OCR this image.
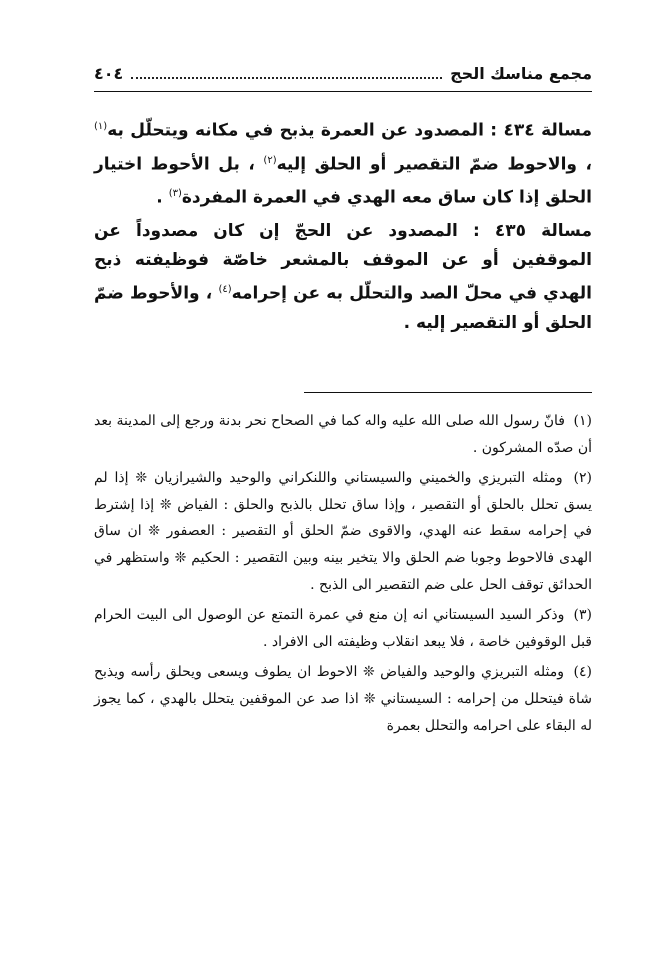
مجمع مناسك الحج
٤٠٤

مسالة ٤٣٤ : المصدود عن العمرة يذبح في مكانه ويتحلّل به$^{(١)}$ ، والاحوط ضمّ التقصير أو الحلق إليه$^{(٢)}$ ، بل الأحوط اختيار الحلق إذا كان ساق معه الهدي في العمرة المفردة$^{(٣)}$ .

مسالة ٤٣٥ : المصدود عن الحجّ إن كان مصدوداً عن الموقفين أو عن الموقف بالمشعر خاصّة فوظيفته ذبح الهدي في محلّ الصد والتحلّل به عن إحرامه$^{(٤)}$ ، والأحوط ضمّ الحلق أو التقصير إليه .

(١) فانّ رسول الله صلى الله عليه واله كما في الصحاح نحر بدنة ورجع إلى المدينة بعد أن صدّه المشركون .

(٢) ومثله التبريزي والخميني والسيستاني واللنكراني والوحيد والشيرازيان ❊ إذا لم يسق تحلل بالحلق أو التقصير ، وإذا ساق تحلل بالذبح والحلق : الفياض ❊ إذا إشترط في إحرامه سقط عنه الهدي، والاقوى ضمّ الحلق أو التقصير : العصفور ❊ ان ساق الهدى فالاحوط وجوبا ضم الحلق والا يتخير بينه وبين التقصير : الحكيم ❊ واستظهر في الحدائق توقف الحل على ضم التقصير الى الذبح .

(٣) وذكر السيد السيستاني انه إن منع في عمرة التمتع عن الوصول الى البيت الحرام قبل الوقوفين خاصة ، فلا يبعد انقلاب وظيفته الى الافراد .

(٤) ومثله التبريزي والوحيد والفياض ❊ الاحوط ان يطوف ويسعى ويحلق رأسه ويذبح شاة فيتحلل من إحرامه : السيستاني ❊ اذا صد عن الموقفين يتحلل بالهدي ، كما يجوز له البقاء على احرامه والتحلل بعمرة
